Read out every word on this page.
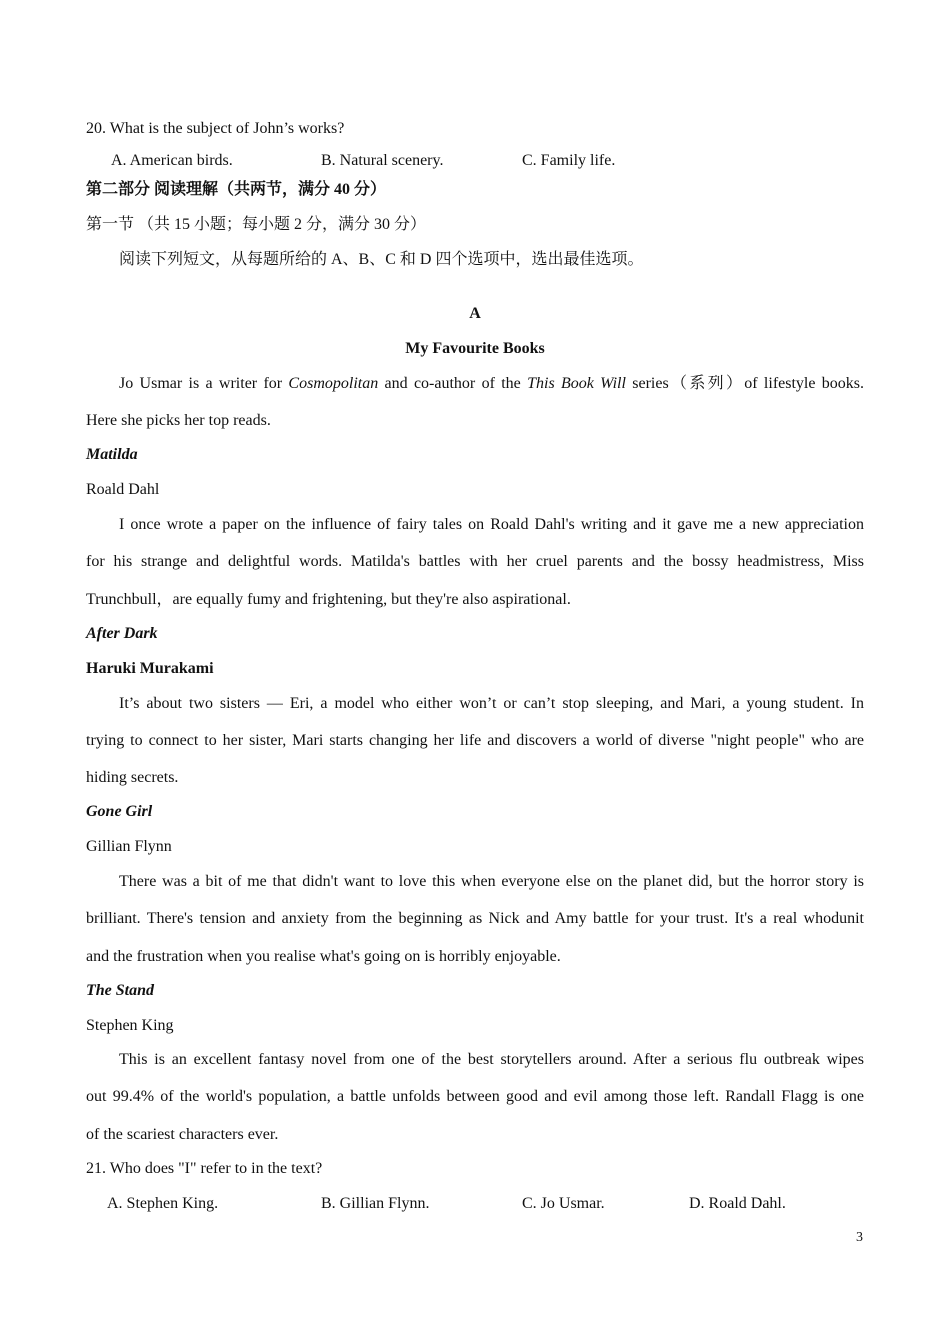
20. What is the subject of John’s works?
A. American birds.	B. Natural scenery.	C. Family life.
第二部分 阅读理解（共两节，满分 40 分）
第一节 （共 15 小题；每小题 2 分，满分 30 分）
阅读下列短文，从每题所给的 A、B、C 和 D 四个选项中，选出最佳选项。
A
My Favourite Books
Jo Usmar is a writer for Cosmopolitan and co-author of the This Book Will series（系列）of lifestyle books.
Here she picks her top reads.
Matilda
Roald Dahl
I once wrote a paper on the influence of fairy tales on Roald Dahl's writing and it gave me a new appreciation
for his strange and delightful words. Matilda's battles with her cruel parents and the bossy headmistress, Miss
Trunchbull，are equally fumy and frightening, but they're also aspirational.
After Dark
Haruki Murakami
It’s about two sisters — Eri, a model who either won’t or can’t stop sleeping, and Mari, a young student. In
trying to connect to her sister, Mari starts changing her life and discovers a world of diverse "night people" who are
hiding secrets.
Gone Girl
Gillian Flynn
There was a bit of me that didn't want to love this when everyone else on the planet did, but the horror story is
brilliant. There's tension and anxiety from the beginning as Nick and Amy battle for your trust. It's a real whodunit
and the frustration when you realise what's going on is horribly enjoyable.
The Stand
Stephen King
This is an excellent fantasy novel from one of the best storytellers around. After a serious flu outbreak wipes
out 99.4% of the world's population, a battle unfolds between good and evil among those left. Randall Flagg is one
of the scariest characters ever.
21. Who does "I" refer to in the text?
A. Stephen King.	B. Gillian Flynn.	C. Jo Usmar.	D. Roald Dahl.
3
